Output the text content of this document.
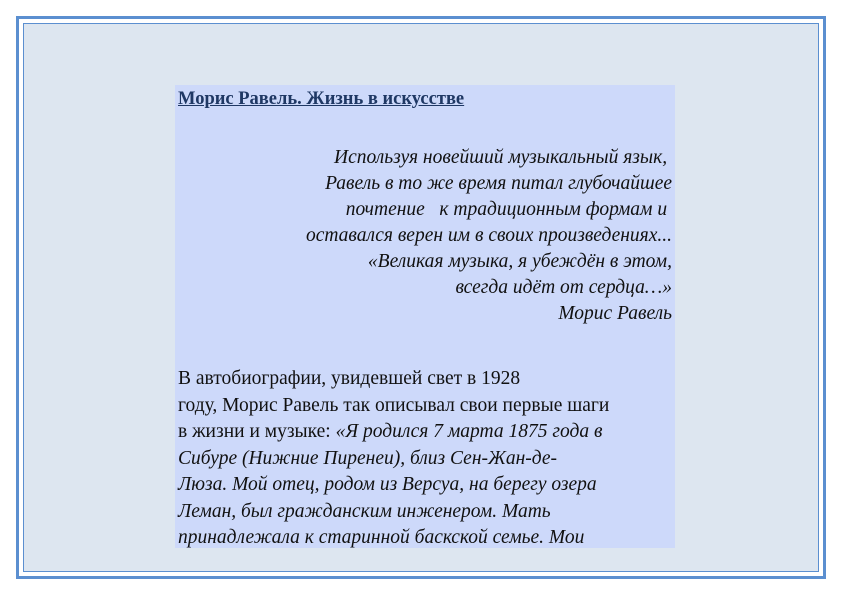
Морис Равель. Жизнь в искусстве
Используя новейший музыкальный язык,
Равель в то же время питал глубочайшее
почтение   к традиционным формам и
оставался верен им в своих произведениях...
«Великая музыка, я убеждён в этом,
всегда идёт от сердца…»
Морис Равель
В автобиографии, увидевшей свет в 1928
году, Морис Равель так описывал свои первые шаги
в жизни и музыке: «Я родился 7 марта 1875 года в
Сибуре (Нижние Пиренеи), близ Сен-Жан-де-
Люза. Мой отец, родом из Версуа, на берегу озера
Леман, был гражданским инженером. Мать
принадлежала к старинной баскской семье. Мои
